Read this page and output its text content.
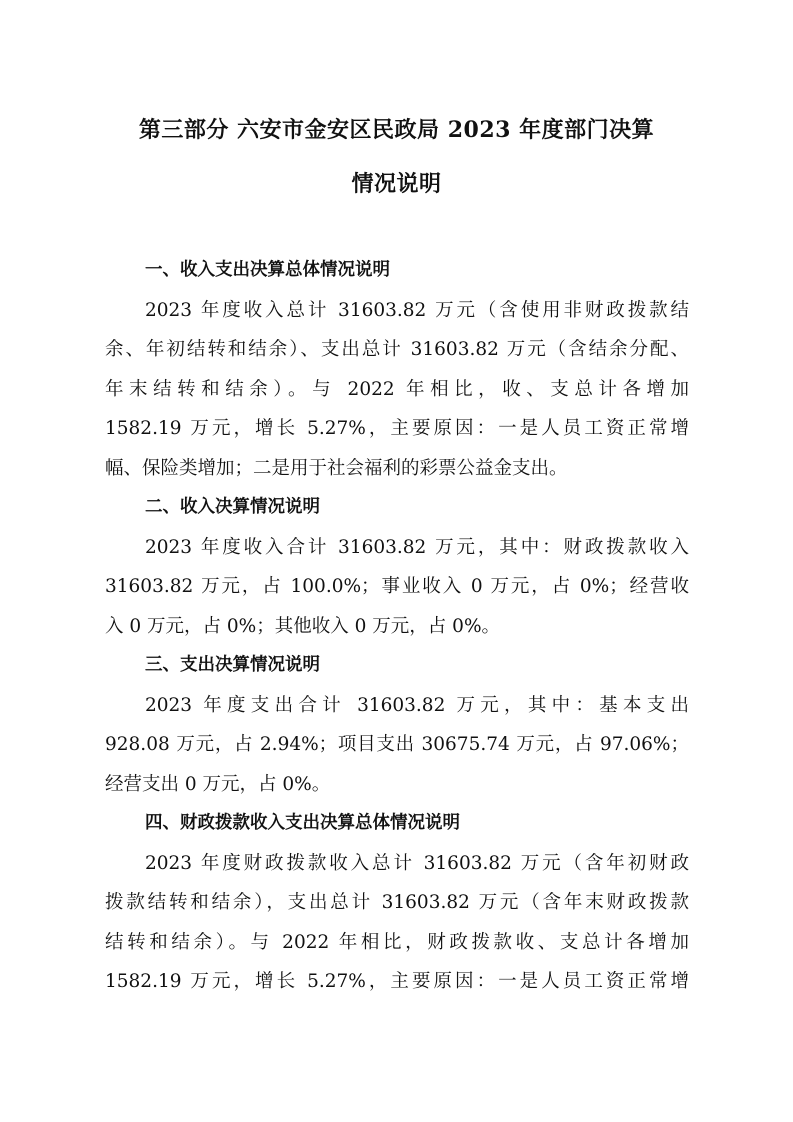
第三部分 六安市金安区民政局 2023 年度部门决算
情况说明
一、收入支出决算总体情况说明
2023 年度收入总计 31603.82 万元（含使用非财政拨款结
余、年初结转和结余）、支出总计 31603.82 万元（含结余分配、
年末结转和结余）。与 2022 年相比，收、支总计各增加
1582.19 万元，增长 5.27%，主要原因：一是人员工资正常增
幅、保险类增加；二是用于社会福利的彩票公益金支出。
二、收入决算情况说明
2023 年度收入合计 31603.82 万元，其中：财政拨款收入
31603.82 万元，占 100.0%；事业收入 0 万元，占 0%；经营收
入 0 万元，占 0%；其他收入 0 万元，占 0%。
三、支出决算情况说明
2023 年度支出合计 31603.82 万元，其中：基本支出
928.08 万元，占 2.94%；项目支出 30675.74 万元，占 97.06%；
经营支出 0 万元，占 0%。
四、财政拨款收入支出决算总体情况说明
2023 年度财政拨款收入总计 31603.82 万元（含年初财政
拨款结转和结余），支出总计 31603.82 万元（含年末财政拨款
结转和结余）。与 2022 年相比，财政拨款收、支总计各增加
1582.19 万元，增长 5.27%，主要原因：一是人员工资正常增
